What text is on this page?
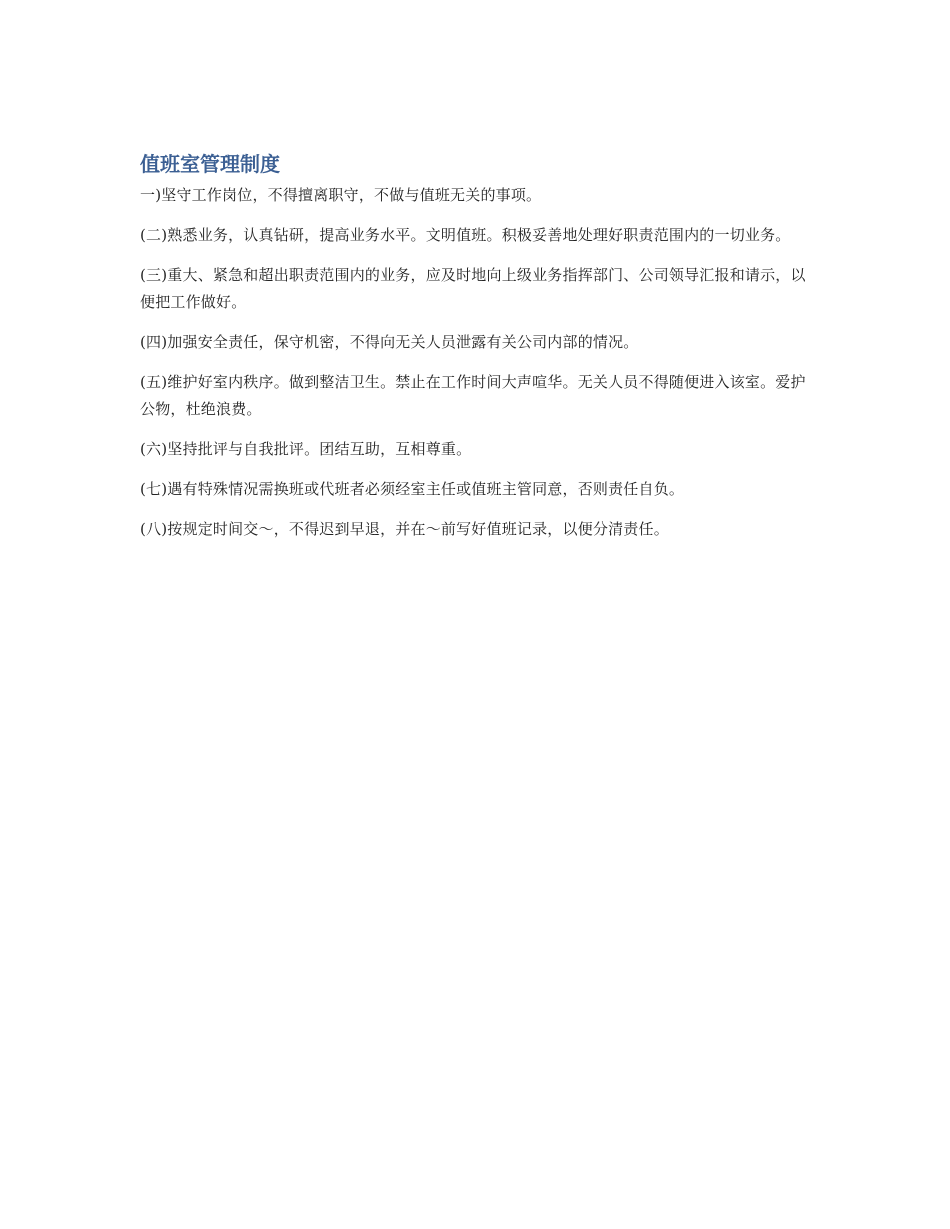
值班室管理制度

一)坚守工作岗位，不得擅离职守，不做与值班无关的事项。

(二)熟悉业务，认真钻研，提高业务水平。文明值班。积极妥善地处理好职责范围内的一切业务。

(三)重大、紧急和超出职责范围内的业务，应及时地向上级业务指挥部门、公司领导汇报和请示，以便把工作做好。

(四)加强安全责任，保守机密，不得向无关人员泄露有关公司内部的情况。

(五)维护好室内秩序。做到整洁卫生。禁止在工作时间大声喧华。无关人员不得随便进入该室。爱护公物，杜绝浪费。

(六)坚持批评与自我批评。团结互助，互相尊重。

(七)遇有特殊情况需换班或代班者必须经室主任或值班主管同意，否则责任自负。

(八)按规定时间交～，不得迟到早退，并在～前写好值班记录，以便分清责任。
